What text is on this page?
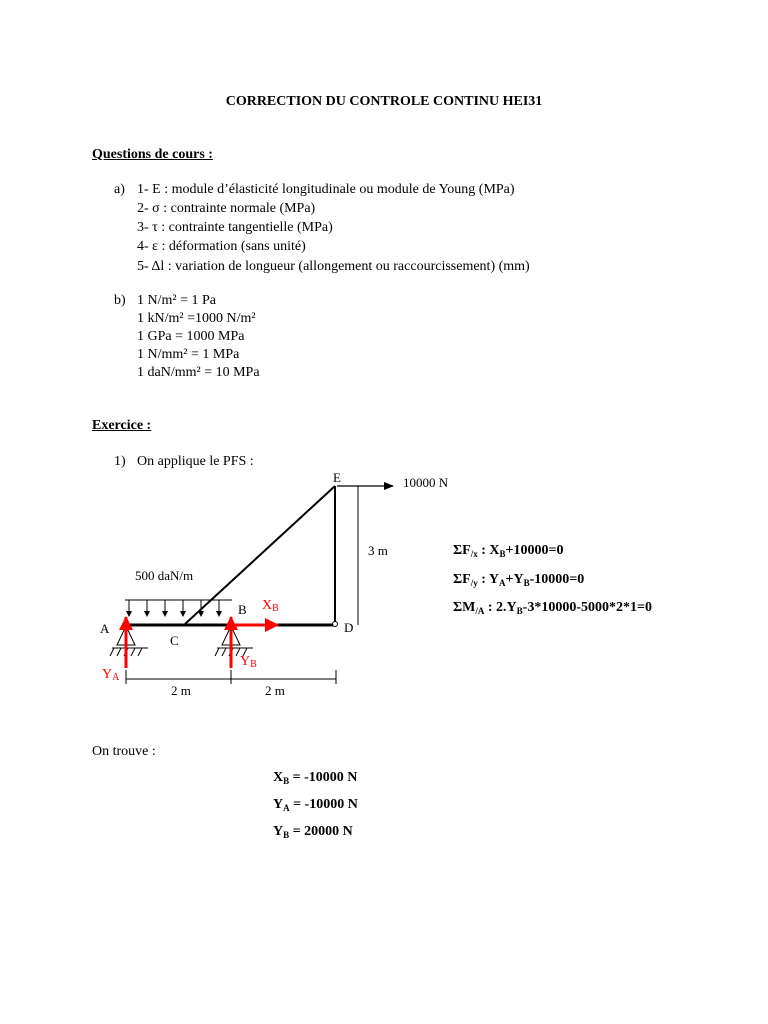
CORRECTION DU CONTROLE CONTINU HEI31
Questions de cours :
a) 1- E : module d’élasticité longitudinale ou module de Young (MPa)
2- σ : contrainte normale (MPa)
3- τ : contrainte tangentielle (MPa)
4- ε : déformation (sans unité)
5- Δl : variation de longueur (allongement ou raccourcissement) (mm)
b) 1 N/m² = 1 Pa
1 kN/m² =1000 N/m²
1 GPa = 1000 MPa
1 N/mm² = 1 MPa
1 daN/mm² = 10 MPa
Exercice :
1) On applique le PFS :
E
A
B
C
D
10000 N
3 m
500 daN/m
XB
YA
YB
2 m	2 m
$\Sigma F_{/x}$ : $X_B+10000=0$
$\Sigma F_{/y}$ : $Y_A+Y_B-10000=0$
$\Sigma M_{/A}$ : $2.Y_B-3*10000-5000*2*1=0$
On trouve :
$X_B = -10000$ N
$Y_A = -10000$ N
$Y_B = 20000$ N
